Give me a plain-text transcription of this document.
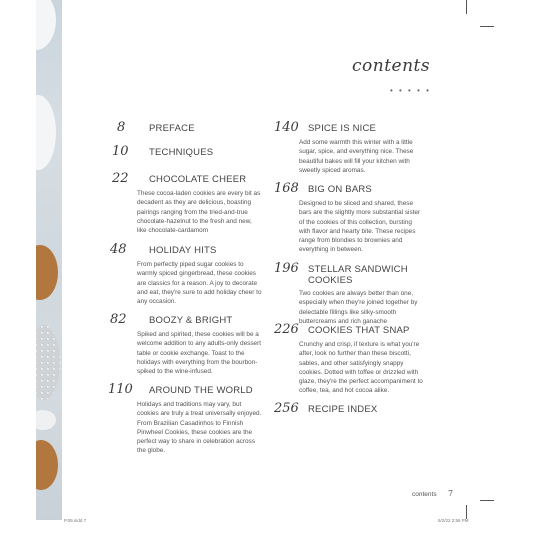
contents
• • • • •
8	PREFACE
10	TECHNIQUES
22	CHOCOLATE CHEER
These cocoa-laden cookies are every bit as decadent as they are delicious, boasting pairings ranging from the tried-and-true chocolate-hazelnut to the fresh and new, like chocolate-cardamom
48	HOLIDAY HITS
From perfectly piped sugar cookies to warmly spiced gingerbread, these cookies are classics for a reason. A joy to decorate and eat, they're sure to add holiday cheer to any occasion.
82	BOOZY & BRIGHT
Spiked and spirited, these cookies will be a welcome addition to any adults-only dessert table or cookie exchange. Toast to the holidays with everything from the bourbon-spiked to the wine-infused.
110	AROUND THE WORLD
Holidays and traditions may vary, but cookies are truly a treat universally enjoyed. From Brazilian Casadinhos to Finnish Pinwheel Cookies, these cookies are the perfect way to share in celebration across the globe.
140 SPICE IS NICE
Add some warmth this winter with a little sugar, spice, and everything nice. These beautiful bakes will fill your kitchen with sweetly spiced aromas.
168 BIG ON BARS
Designed to be sliced and shared, these bars are the slightly more substantial sister of the cookies of this collection, bursting with flavor and hearty bite. These recipes range from blondies to brownies and everything in between.
196 STELLAR SANDWICH COOKIES
Two cookies are always better than one, especially when they're joined together by delectable fillings like silky-smooth buttercreams and rich ganache
226 COOKIES THAT SNAP
Crunchy and crisp, if texture is what you're after, look no further than these biscotti, sables, and other satisfyingly snappy cookies. Dotted with toffee or drizzled with glaze, they're the perfect accompaniment to coffee, tea, and hot cocoa alike.
256 RECIPE INDEX
contents 7
P.09.indd 7	5/2/22 2:56 PM
